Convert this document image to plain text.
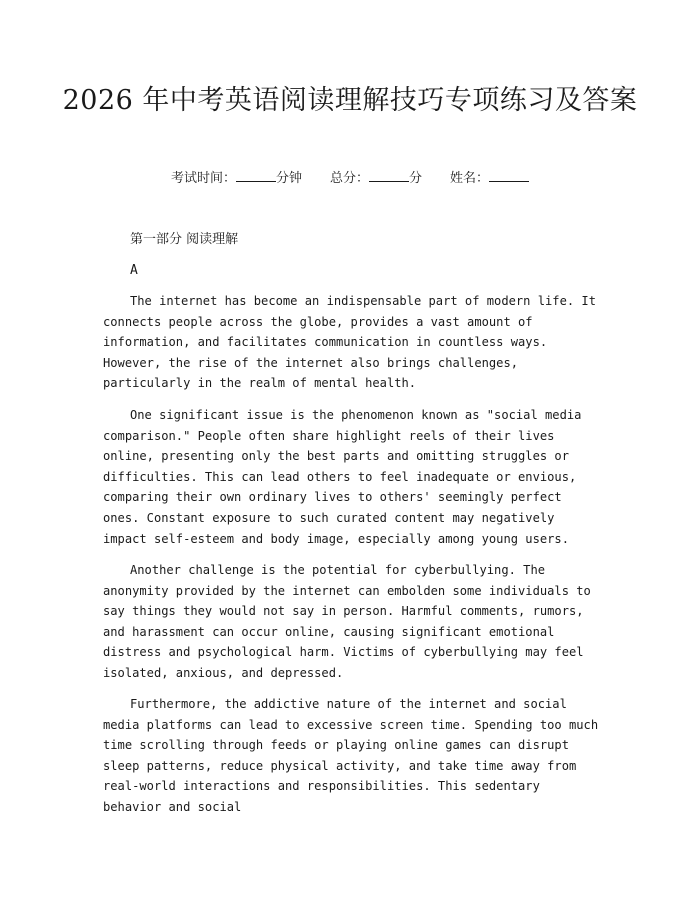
2026 年中考英语阅读理解技巧专项练习及答案
考试时间：	分钟 总分：	分 姓名：
第一部分 阅读理解
A

The internet has become an indispensable part of modern life. It connects people across the globe, provides a vast amount of information, and facilitates communication in countless ways. However, the rise of the internet also brings challenges, particularly in the realm of mental health.

One significant issue is the phenomenon known as "social media comparison." People often share highlight reels of their lives online, presenting only the best parts and omitting struggles or difficulties. This can lead others to feel inadequate or envious, comparing their own ordinary lives to others' seemingly perfect ones. Constant exposure to such curated content may negatively impact self-esteem and body image, especially among young users.

Another challenge is the potential for cyberbullying. The anonymity provided by the internet can embolden some individuals to say things they would not say in person. Harmful comments, rumors, and harassment can occur online, causing significant emotional distress and psychological harm. Victims of cyberbullying may feel isolated, anxious, and depressed.

Furthermore, the addictive nature of the internet and social media platforms can lead to excessive screen time. Spending too much time scrolling through feeds or playing online games can disrupt sleep patterns, reduce physical activity, and take time away from real-world interactions and responsibilities. This sedentary behavior and social
